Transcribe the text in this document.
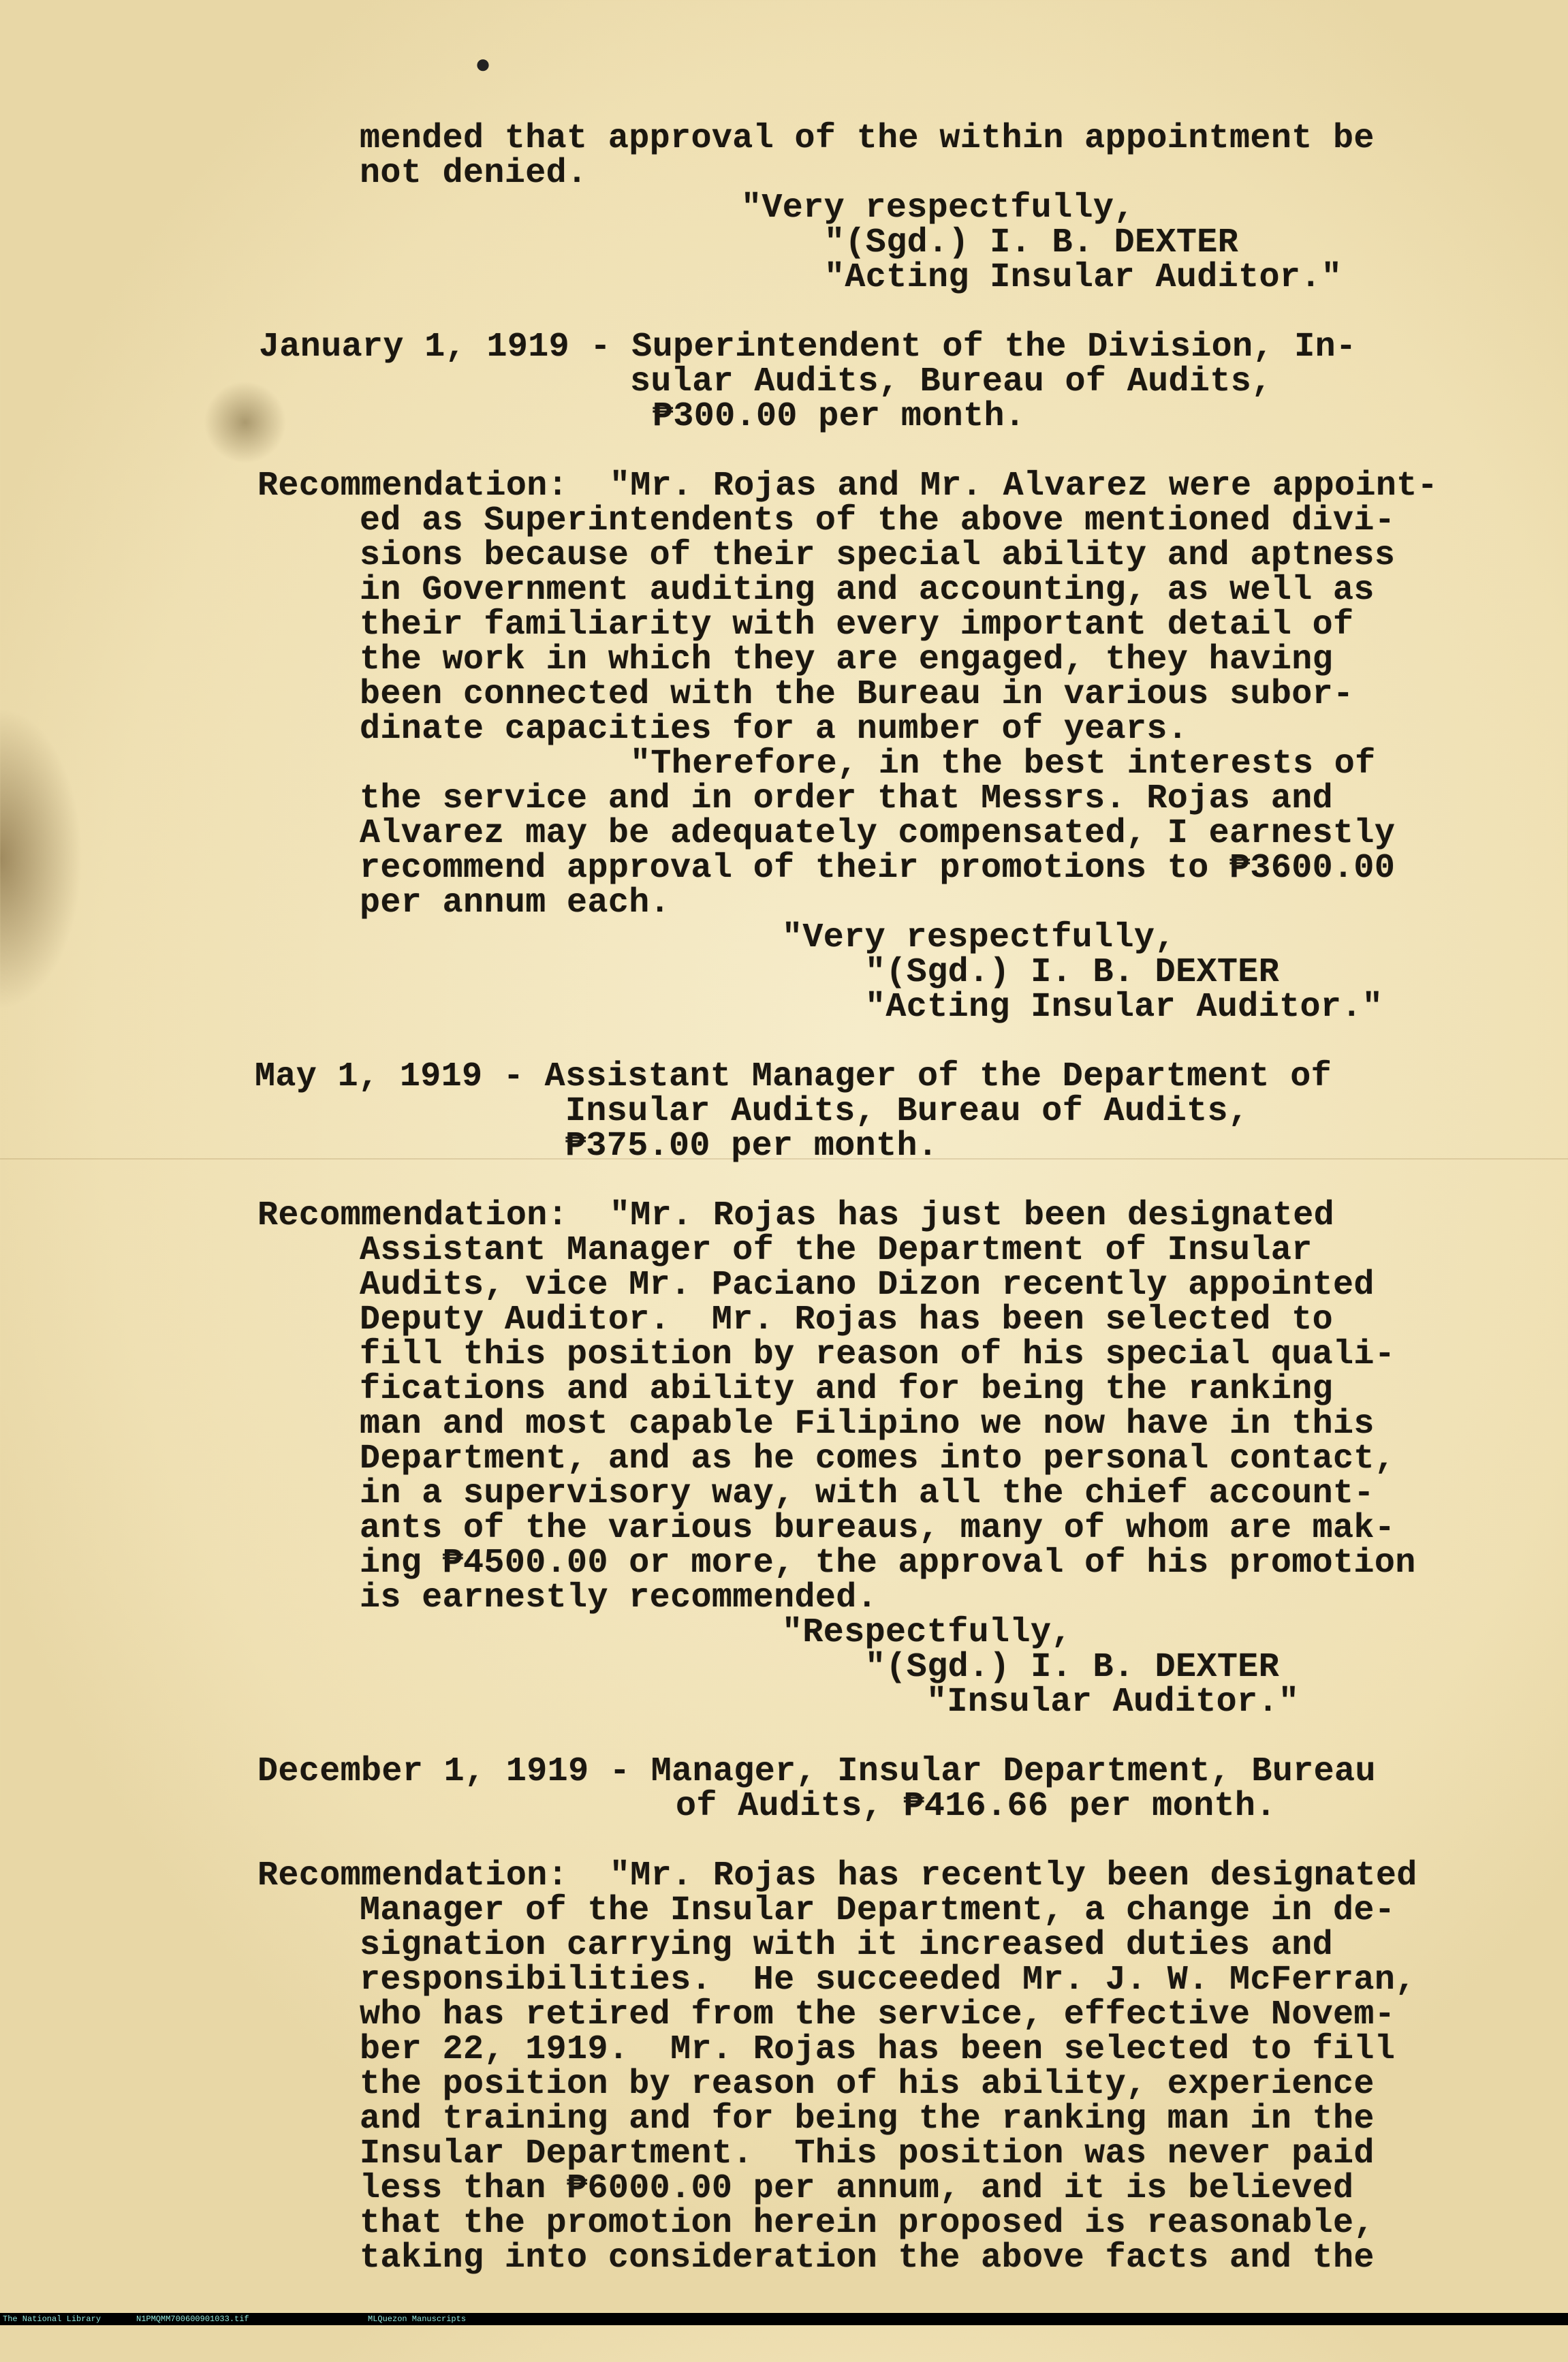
●
mended that approval of the within appointment be
not denied.
"Very respectfully,
"(Sgd.) I. B. DEXTER
"Acting Insular Auditor."
January 1, 1919 - Superintendent of the Division, In-
sular Audits, Bureau of Audits,
₱300.00 per month.
Recommendation:  "Mr. Rojas and Mr. Alvarez were appoint-
ed as Superintendents of the above mentioned divi-
sions because of their special ability and aptness
in Government auditing and accounting, as well as
their familiarity with every important detail of
the work in which they are engaged, they having
been connected with the Bureau in various subor-
dinate capacities for a number of years.
"Therefore, in the best interests of
the service and in order that Messrs. Rojas and
Alvarez may be adequately compensated, I earnestly
recommend approval of their promotions to ₱3600.00
per annum each.
"Very respectfully,
"(Sgd.) I. B. DEXTER
"Acting Insular Auditor."
May 1, 1919 - Assistant Manager of the Department of
Insular Audits, Bureau of Audits,
₱375.00 per month.
Recommendation:  "Mr. Rojas has just been designated
Assistant Manager of the Department of Insular
Audits, vice Mr. Paciano Dizon recently appointed
Deputy Auditor.  Mr. Rojas has been selected to
fill this position by reason of his special quali-
fications and ability and for being the ranking
man and most capable Filipino we now have in this
Department, and as he comes into personal contact,
in a supervisory way, with all the chief account-
ants of the various bureaus, many of whom are mak-
ing ₱4500.00 or more, the approval of his promotion
is earnestly recommended.
"Respectfully,
"(Sgd.) I. B. DEXTER
"Insular Auditor."
December 1, 1919 - Manager, Insular Department, Bureau
of Audits, ₱416.66 per month.
Recommendation:  "Mr. Rojas has recently been designated
Manager of the Insular Department, a change in de-
signation carrying with it increased duties and
responsibilities.  He succeeded Mr. J. W. McFerran,
who has retired from the service, effective Novem-
ber 22, 1919.  Mr. Rojas has been selected to fill
the position by reason of his ability, experience
and training and for being the ranking man in the
Insular Department.  This position was never paid
less than ₱6000.00 per annum, and it is believed
that the promotion herein proposed is reasonable,
taking into consideration the above facts and the

The National Library

	N1PMQMM700600901033.tif

	MLQuezon Manuscripts
